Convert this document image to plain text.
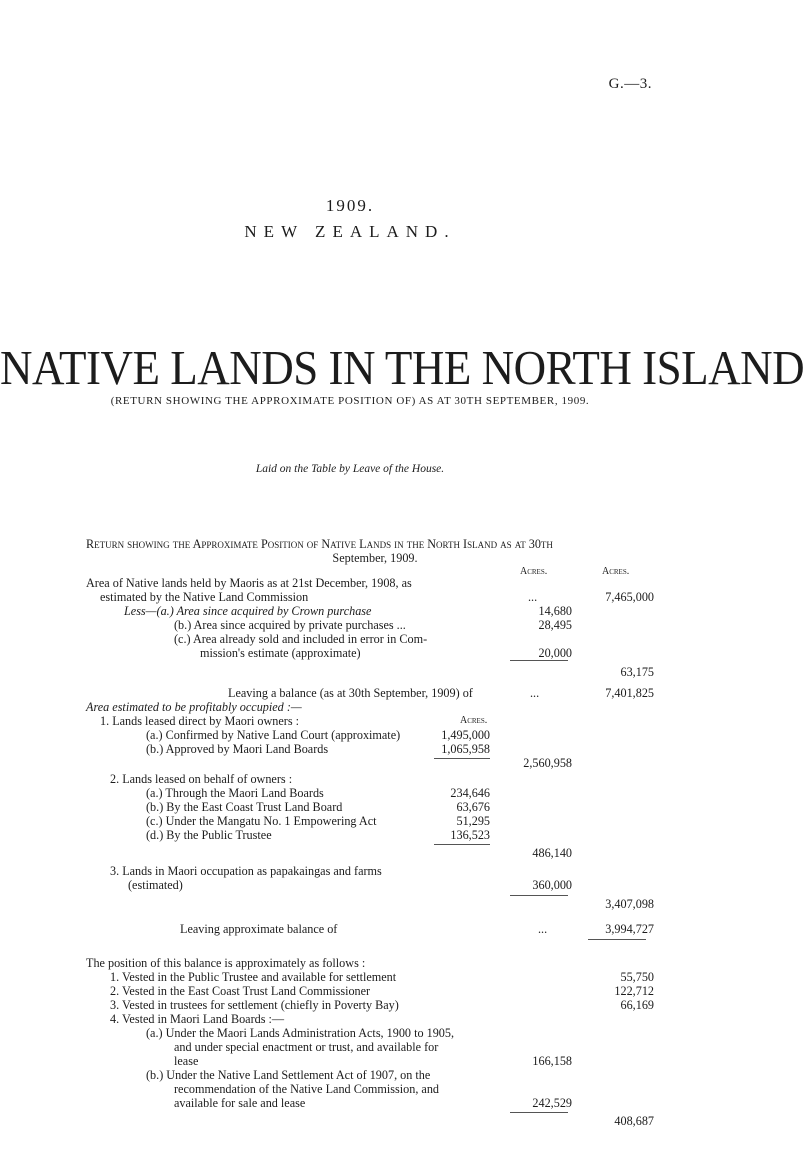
G.—3.
1909.
NEW ZEALAND.
NATIVE LANDS IN THE NORTH ISLAND
(RETURN SHOWING THE APPROXIMATE POSITION OF) AS AT 30TH SEPTEMBER, 1909.
Laid on the Table by Leave of the House.
Return showing the Approximate Position of Native Lands in the North Island as at 30th
September, 1909.
Acres.	Acres.
Area of Native lands held by Maoris as at 21st December, 1908, as
estimated by the Native Land Commission	...	7,465,000
Less—(a.) Area since acquired by Crown purchase	14,680
(b.) Area since acquired by private purchases ...	28,495
(c.) Area already sold and included in error in Com-
mission's estimate (approximate)	20,000
63,175
Leaving a balance (as at 30th September, 1909) of	...	7,401,825
Area estimated to be profitably occupied :—
1. Lands leased direct by Maori owners :	Acres.
(a.) Confirmed by Native Land Court (approximate)	1,495,000
(b.) Approved by Maori Land Boards	1,065,958
2,560,958
2. Lands leased on behalf of owners :
(a.) Through the Maori Land Boards	234,646
(b.) By the East Coast Trust Land Board	63,676
(c.) Under the Mangatu No. 1 Empowering Act	51,295
(d.) By the Public Trustee	136,523
486,140
3. Lands in Maori occupation as papakaingas and farms
(estimated)	360,000
3,407,098
Leaving approximate balance of	...	3,994,727
The position of this balance is approximately as follows :
1. Vested in the Public Trustee and available for settlement	55,750
2. Vested in the East Coast Trust Land Commissioner	122,712
3. Vested in trustees for settlement (chiefly in Poverty Bay)	66,169
4. Vested in Maori Land Boards :—
(a.) Under the Maori Lands Administration Acts, 1900 to 1905,
and under special enactment or trust, and available for
lease	166,158
(b.) Under the Native Land Settlement Act of 1907, on the
recommendation of the Native Land Commission, and
available for sale and lease	242,529
408,687
